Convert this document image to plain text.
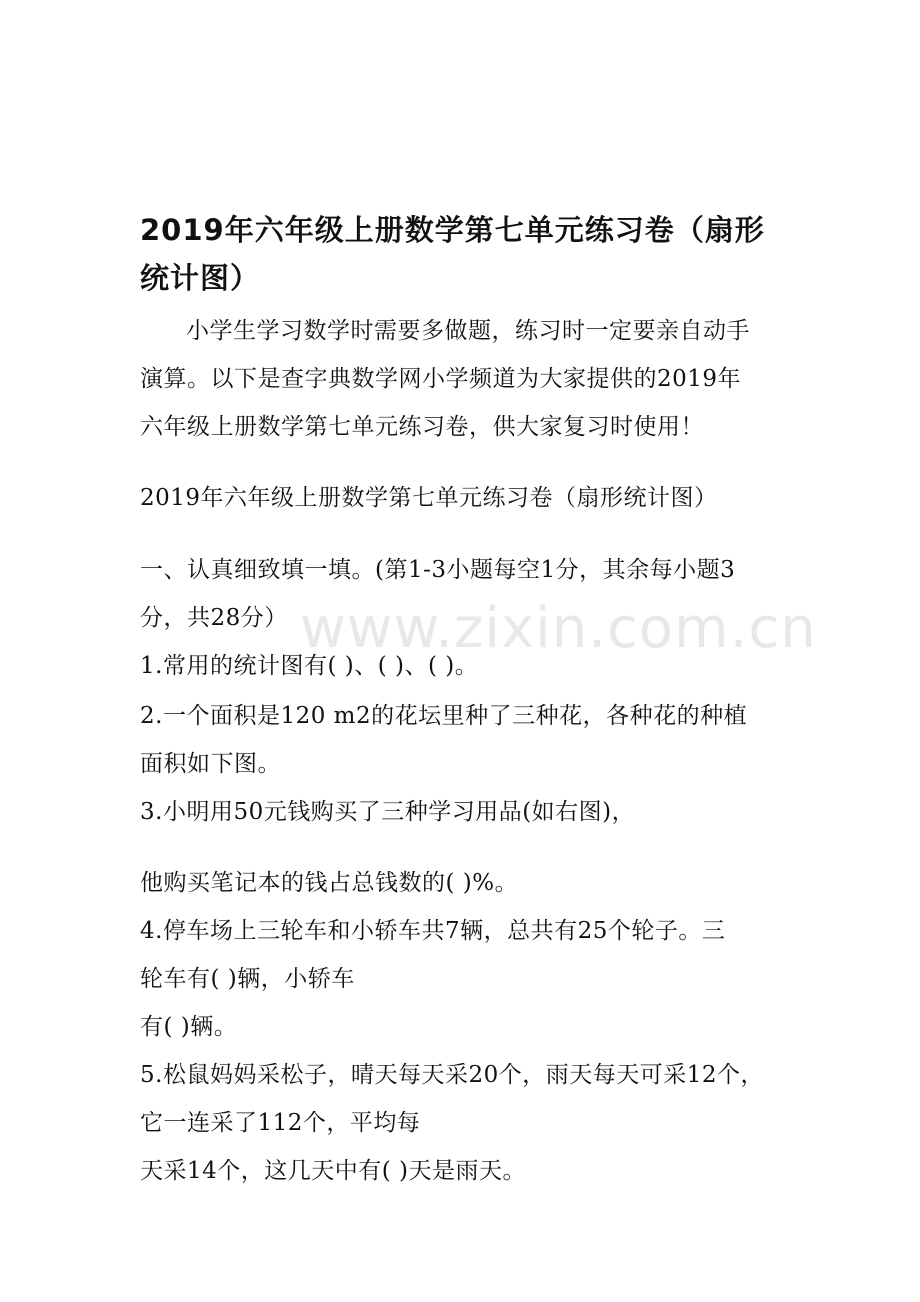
2019年六年级上册数学第七单元练习卷（扇形
统计图）
小学生学习数学时需要多做题，练习时一定要亲自动手
演算。以下是查字典数学网小学频道为大家提供的2019年
六年级上册数学第七单元练习卷，供大家复习时使用！
2019年六年级上册数学第七单元练习卷（扇形统计图）
一、认真细致填一填。(第1-3小题每空1分，其余每小题3
分，共28分）
1.常用的统计图有( )、( )、( )。
2.一个面积是120 m2的花坛里种了三种花，各种花的种植
面积如下图。
3.小明用50元钱购买了三种学习用品(如右图)，
他购买笔记本的钱占总钱数的( )%。
4.停车场上三轮车和小轿车共7辆，总共有25个轮子。三
轮车有( )辆，小轿车
有( )辆。
5.松鼠妈妈采松子，晴天每天采20个，雨天每天可采12个，
它一连采了112个，平均每
天采14个，这几天中有( )天是雨天。
www.zixin.com.cn
